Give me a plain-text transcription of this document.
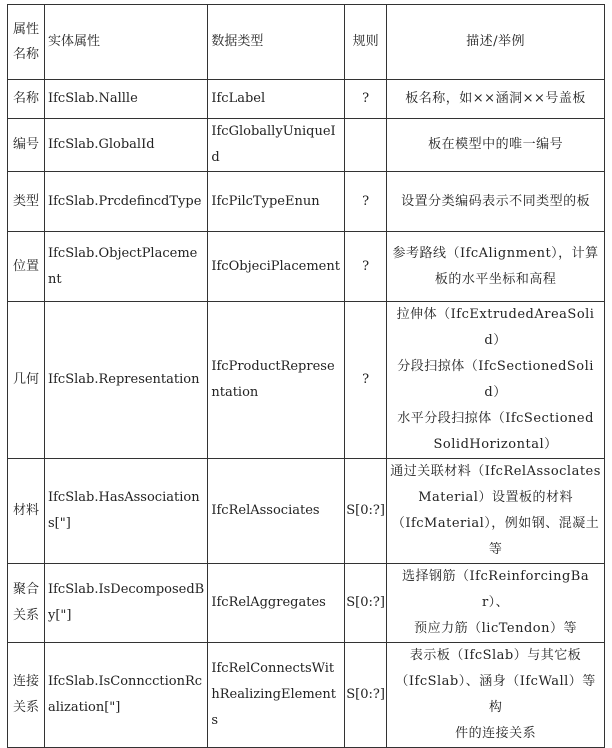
属性
名称	实体属性	数据类型	规则	描述/举例

名称	IfcSlab.Nallle	IfcLabel	?	板名称，如××涵洞××号盖板

编号	IfcSlab.GlobalId	IfcGloballyUniqueId		板在模型中的唯一编号

类型	IfcSlab.PrcdefincdType	IfcPilcTypeEnun	?	设置分类编码表示不同类型的板

位置	IfcSlab.ObjectPlacement	IfcObjeciPlacement	?	参考路线（IfcAlignment），计算
板的水平坐标和高程

几何	IfcSlab.Representation	IfcProductRepresentation	?	拉伸体（IfcExtrudedAreaSolid）
分段扫掠体（IfcSectionedSolid）
水平分段扫掠体（IfcSectioned
SolidHorizontal）

材料	IfcSlab.HasAssociations["]	IfcRelAssociates	S[0:?]	通过关联材料（IfcRelAssoclates
Material）设置板的材料
（IfcMaterial），例如钢、混凝土等

聚合
关系	IfcSlab.IsDecomposedBy["]	IfcRelAggregates	S[0:?]	选择钢筋（IfcReinforcingBar）、
预应力筋（licTendon）等

连接
关系	IfcSlab.IsConncctionRcalization["]	IfcRelConnectsWithRealizingElements	S[0:?]	表示板（IfcSlab）与其它板
（IfcSlab）、涵身（IfcWall）等构
件的连接关系
